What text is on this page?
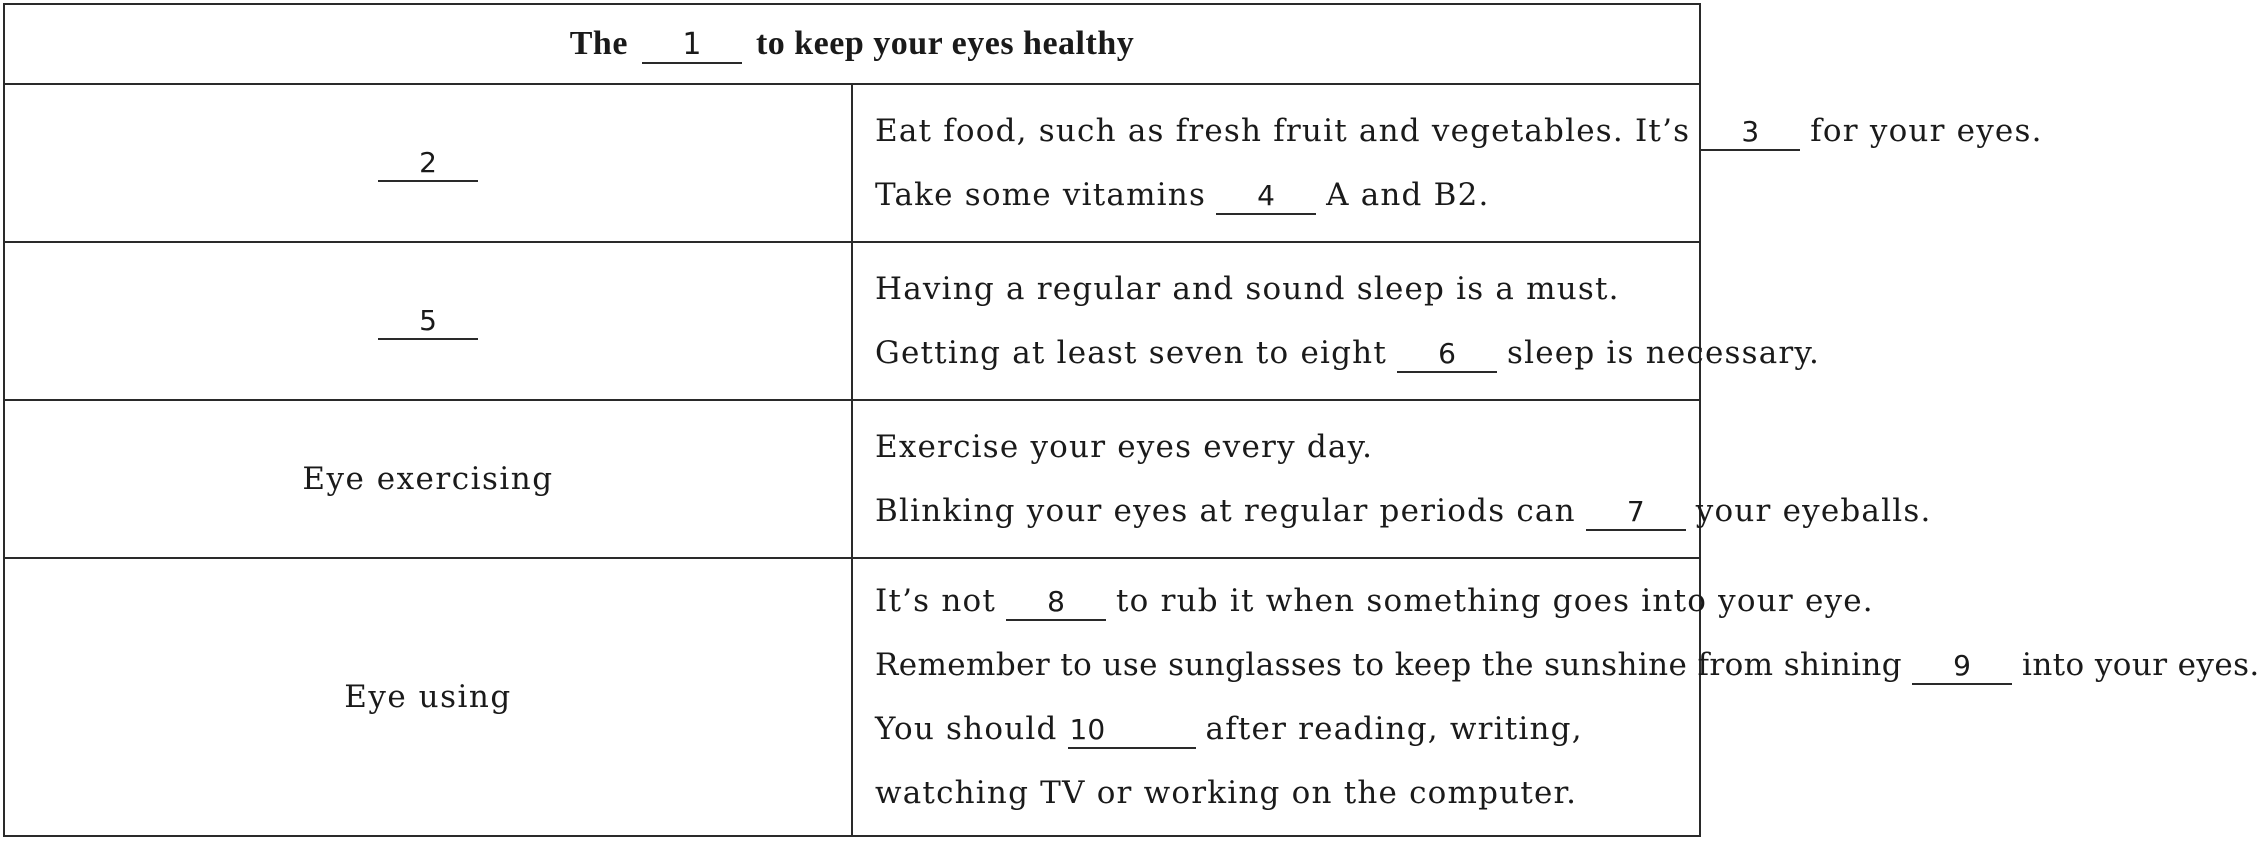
The 1 to keep your eyes healthy	
2	Eat food, such as fresh fruit and vegetables. It’s 3 for your eyes.
Take some vitamins 4 A and B2.

5	Having a regular and sound sleep is a must.
Getting at least seven to eight 6 sleep is necessary.

Eye exercising	Exercise your eyes every day.
Blinking your eyes at regular periods can 7 your eyeballs.

Eye using	It’s not 8 to rub it when something goes into your eye.
Remember to use sunglasses to keep the sunshine from shining 9 into your eyes.
You should 10 after reading, writing, watching TV or working on the computer.
